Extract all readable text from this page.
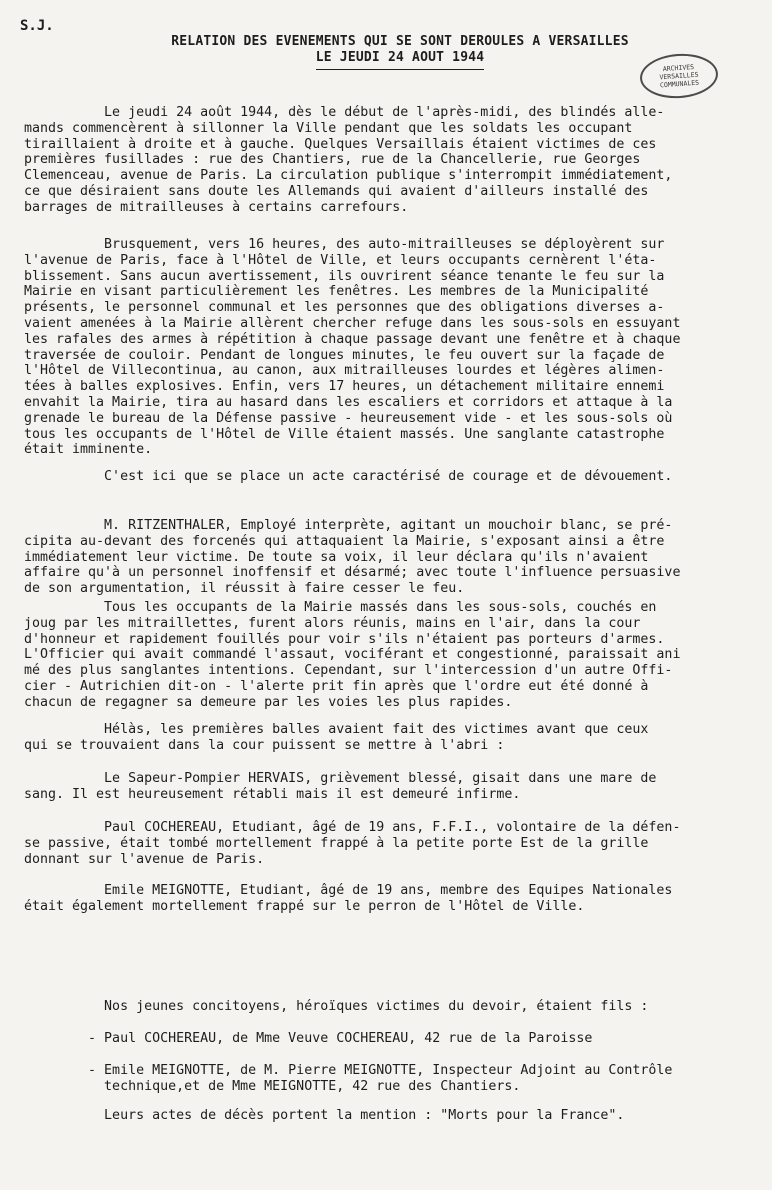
S.J.
RELATION DES EVENEMENTS QUI SE SONT DEROULES A VERSAILLES
LE JEUDI 24 AOUT 1944
ARCHIVES
VERSAILLES
COMMUNALES
Le jeudi 24 août 1944, dès le début de l'après-midi, des blindés alle-
mands commencèrent à sillonner la Ville pendant que les soldats les occupant
tiraillaient à droite et à gauche. Quelques Versaillais étaient victimes de ces
premières fusillades : rue des Chantiers, rue de la Chancellerie, rue Georges
Clemenceau, avenue de Paris. La circulation publique s'interrompit immédiatement,
ce que désiraient sans doute les Allemands qui avaient d'ailleurs installé des
barrages de mitrailleuses à certains carrefours.
Brusquement, vers 16 heures, des auto-mitrailleuses se déployèrent sur
l'avenue de Paris, face à l'Hôtel de Ville, et leurs occupants cernèrent l'éta-
blissement. Sans aucun avertissement, ils ouvrirent séance tenante le feu sur la
Mairie en visant particulièrement les fenêtres. Les membres de la Municipalité
présents, le personnel communal et les personnes que des obligations diverses a-
vaient amenées à la Mairie allèrent chercher refuge dans les sous-sols en essuyant
les rafales des armes à répétition à chaque passage devant une fenêtre et à chaque
traversée de couloir. Pendant de longues minutes, le feu ouvert sur la façade de
l'Hôtel de Villecontinua, au canon, aux mitrailleuses lourdes et légères alimen-
tées à balles explosives. Enfin, vers 17 heures, un détachement militaire ennemi
envahit la Mairie, tira au hasard dans les escaliers et corridors et attaque à la
grenade le bureau de la Défense passive - heureusement vide - et les sous-sols où
tous les occupants de l'Hôtel de Ville étaient massés. Une sanglante catastrophe
était imminente.
C'est ici que se place un acte caractérisé de courage et de dévouement.
M. RITZENTHALER, Employé interprète, agitant un mouchoir blanc, se pré-
cipita au-devant des forcenés qui attaquaient la Mairie, s'exposant ainsi a être
immédiatement leur victime. De toute sa voix, il leur déclara qu'ils n'avaient
affaire qu'à un personnel inoffensif et désarmé; avec toute l'influence persuasive
de son argumentation, il réussit à faire cesser le feu.
Tous les occupants de la Mairie massés dans les sous-sols, couchés en
joug par les mitraillettes, furent alors réunis, mains en l'air, dans la cour
d'honneur et rapidement fouillés pour voir s'ils n'étaient pas porteurs d'armes.
L'Officier qui avait commandé l'assaut, vociférant et congestionné, paraissait ani
mé des plus sanglantes intentions. Cependant, sur l'intercession d'un autre Offi-
cier - Autrichien dit-on - l'alerte prit fin après que l'ordre eut été donné à
chacun de regagner sa demeure par les voies les plus rapides.
Hélàs, les premières balles avaient fait des victimes avant que ceux
qui se trouvaient dans la cour puissent se mettre à l'abri :
Le Sapeur-Pompier HERVAIS, grièvement blessé, gisait dans une mare de
sang. Il est heureusement rétabli mais il est demeuré infirme.
Paul COCHEREAU, Etudiant, âgé de 19 ans, F.F.I., volontaire de la défen-
se passive, était tombé mortellement frappé à la petite porte Est de la grille
donnant sur l'avenue de Paris.
Emile MEIGNOTTE, Etudiant, âgé de 19 ans, membre des Equipes Nationales
était également mortellement frappé sur le perron de l'Hôtel de Ville.
Nos jeunes concitoyens, héroïques victimes du devoir, étaient fils :
- Paul COCHEREAU, de Mme Veuve COCHEREAU, 42 rue de la Paroisse
- Emile MEIGNOTTE, de M. Pierre MEIGNOTTE, Inspecteur Adjoint au Contrôle
technique,et de Mme MEIGNOTTE, 42 rue des Chantiers.
Leurs actes de décès portent la mention : "Morts pour la France".
